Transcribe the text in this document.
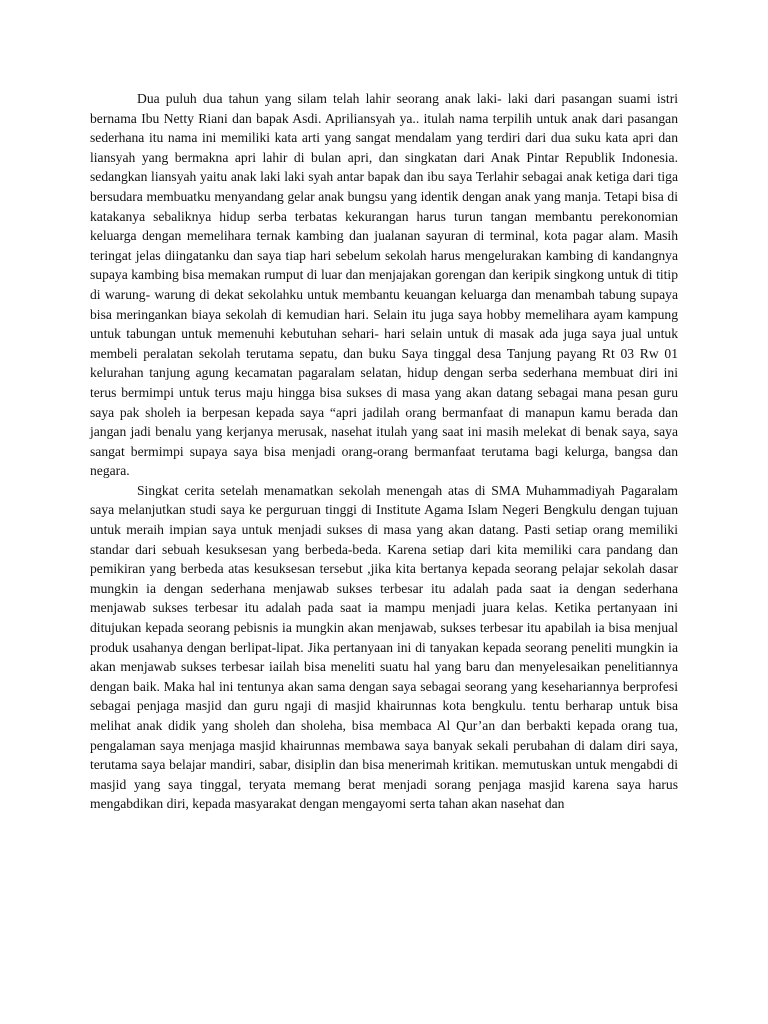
Dua puluh dua tahun yang silam telah lahir seorang anak laki- laki dari pasangan suami istri bernama Ibu Netty Riani dan bapak Asdi. Apriliansyah ya.. itulah nama terpilih untuk anak dari pasangan sederhana itu nama ini memiliki kata arti yang sangat mendalam yang terdiri dari dua suku kata apri dan liansyah yang bermakna apri lahir di bulan apri, dan singkatan dari Anak Pintar Republik Indonesia. sedangkan liansyah yaitu anak laki laki syah antar bapak dan ibu saya Terlahir sebagai anak ketiga dari tiga bersudara membuatku menyandang gelar anak bungsu yang identik dengan anak yang manja. Tetapi bisa di katakanya sebaliknya hidup serba terbatas kekurangan harus turun tangan membantu perekonomian keluarga dengan memelihara ternak kambing dan jualanan sayuran di terminal, kota pagar alam. Masih teringat jelas diingatanku dan saya tiap hari sebelum sekolah harus mengelurakan kambing di kandangnya supaya kambing bisa memakan rumput di luar dan menjajakan gorengan dan keripik singkong untuk di titip di warung- warung di dekat sekolahku untuk membantu keuangan keluarga dan menambah tabung supaya bisa meringankan biaya sekolah di kemudian hari. Selain itu juga saya hobby memelihara ayam kampung untuk tabungan untuk memenuhi kebutuhan sehari- hari selain untuk di masak ada juga saya jual untuk membeli peralatan sekolah terutama sepatu, dan buku Saya tinggal desa Tanjung payang Rt 03 Rw 01 kelurahan tanjung agung kecamatan pagaralam selatan, hidup dengan serba sederhana membuat diri ini terus bermimpi untuk terus maju hingga bisa sukses di masa yang akan datang sebagai mana pesan guru saya pak sholeh ia berpesan kepada saya “apri jadilah orang bermanfaat di manapun kamu berada dan jangan jadi benalu yang kerjanya merusak, nasehat itulah yang saat ini masih melekat di benak saya, saya sangat bermimpi supaya saya bisa menjadi orang-orang bermanfaat terutama bagi kelurga, bangsa dan negara.

Singkat cerita setelah menamatkan sekolah menengah atas di SMA Muhammadiyah Pagaralam saya melanjutkan studi saya ke perguruan tinggi di Institute Agama Islam Negeri Bengkulu dengan tujuan untuk meraih impian saya untuk menjadi sukses di masa yang akan datang. Pasti setiap orang memiliki standar dari sebuah kesuksesan yang berbeda-beda. Karena setiap dari kita memiliki cara pandang dan pemikiran yang berbeda atas kesuksesan tersebut ,jika kita bertanya kepada seorang pelajar sekolah dasar mungkin ia dengan sederhana menjawab sukses terbesar itu adalah pada saat ia dengan sederhana menjawab sukses terbesar itu adalah pada saat ia mampu menjadi juara kelas. Ketika pertanyaan ini ditujukan kepada seorang pebisnis ia mungkin akan menjawab, sukses terbesar itu apabilah ia bisa menjual produk usahanya dengan berlipat-lipat. Jika pertanyaan ini di tanyakan kepada seorang peneliti mungkin ia akan menjawab sukses terbesar iailah bisa meneliti suatu hal yang baru dan menyelesaikan penelitiannya dengan baik. Maka hal ini tentunya akan sama dengan saya sebagai seorang yang kesehariannya berprofesi sebagai penjaga masjid dan guru ngaji di masjid khairunnas kota bengkulu. tentu berharap untuk bisa melihat anak didik yang sholeh dan sholeha, bisa membaca Al Qur’an dan berbakti kepada orang tua, pengalaman saya menjaga masjid khairunnas membawa saya banyak sekali perubahan di dalam diri saya, terutama saya belajar mandiri, sabar, disiplin dan bisa menerimah kritikan. memutuskan untuk mengabdi di masjid yang saya tinggal, teryata memang berat menjadi sorang penjaga masjid karena saya harus mengabdikan diri, kepada masyarakat dengan mengayomi serta tahan akan nasehat dan
